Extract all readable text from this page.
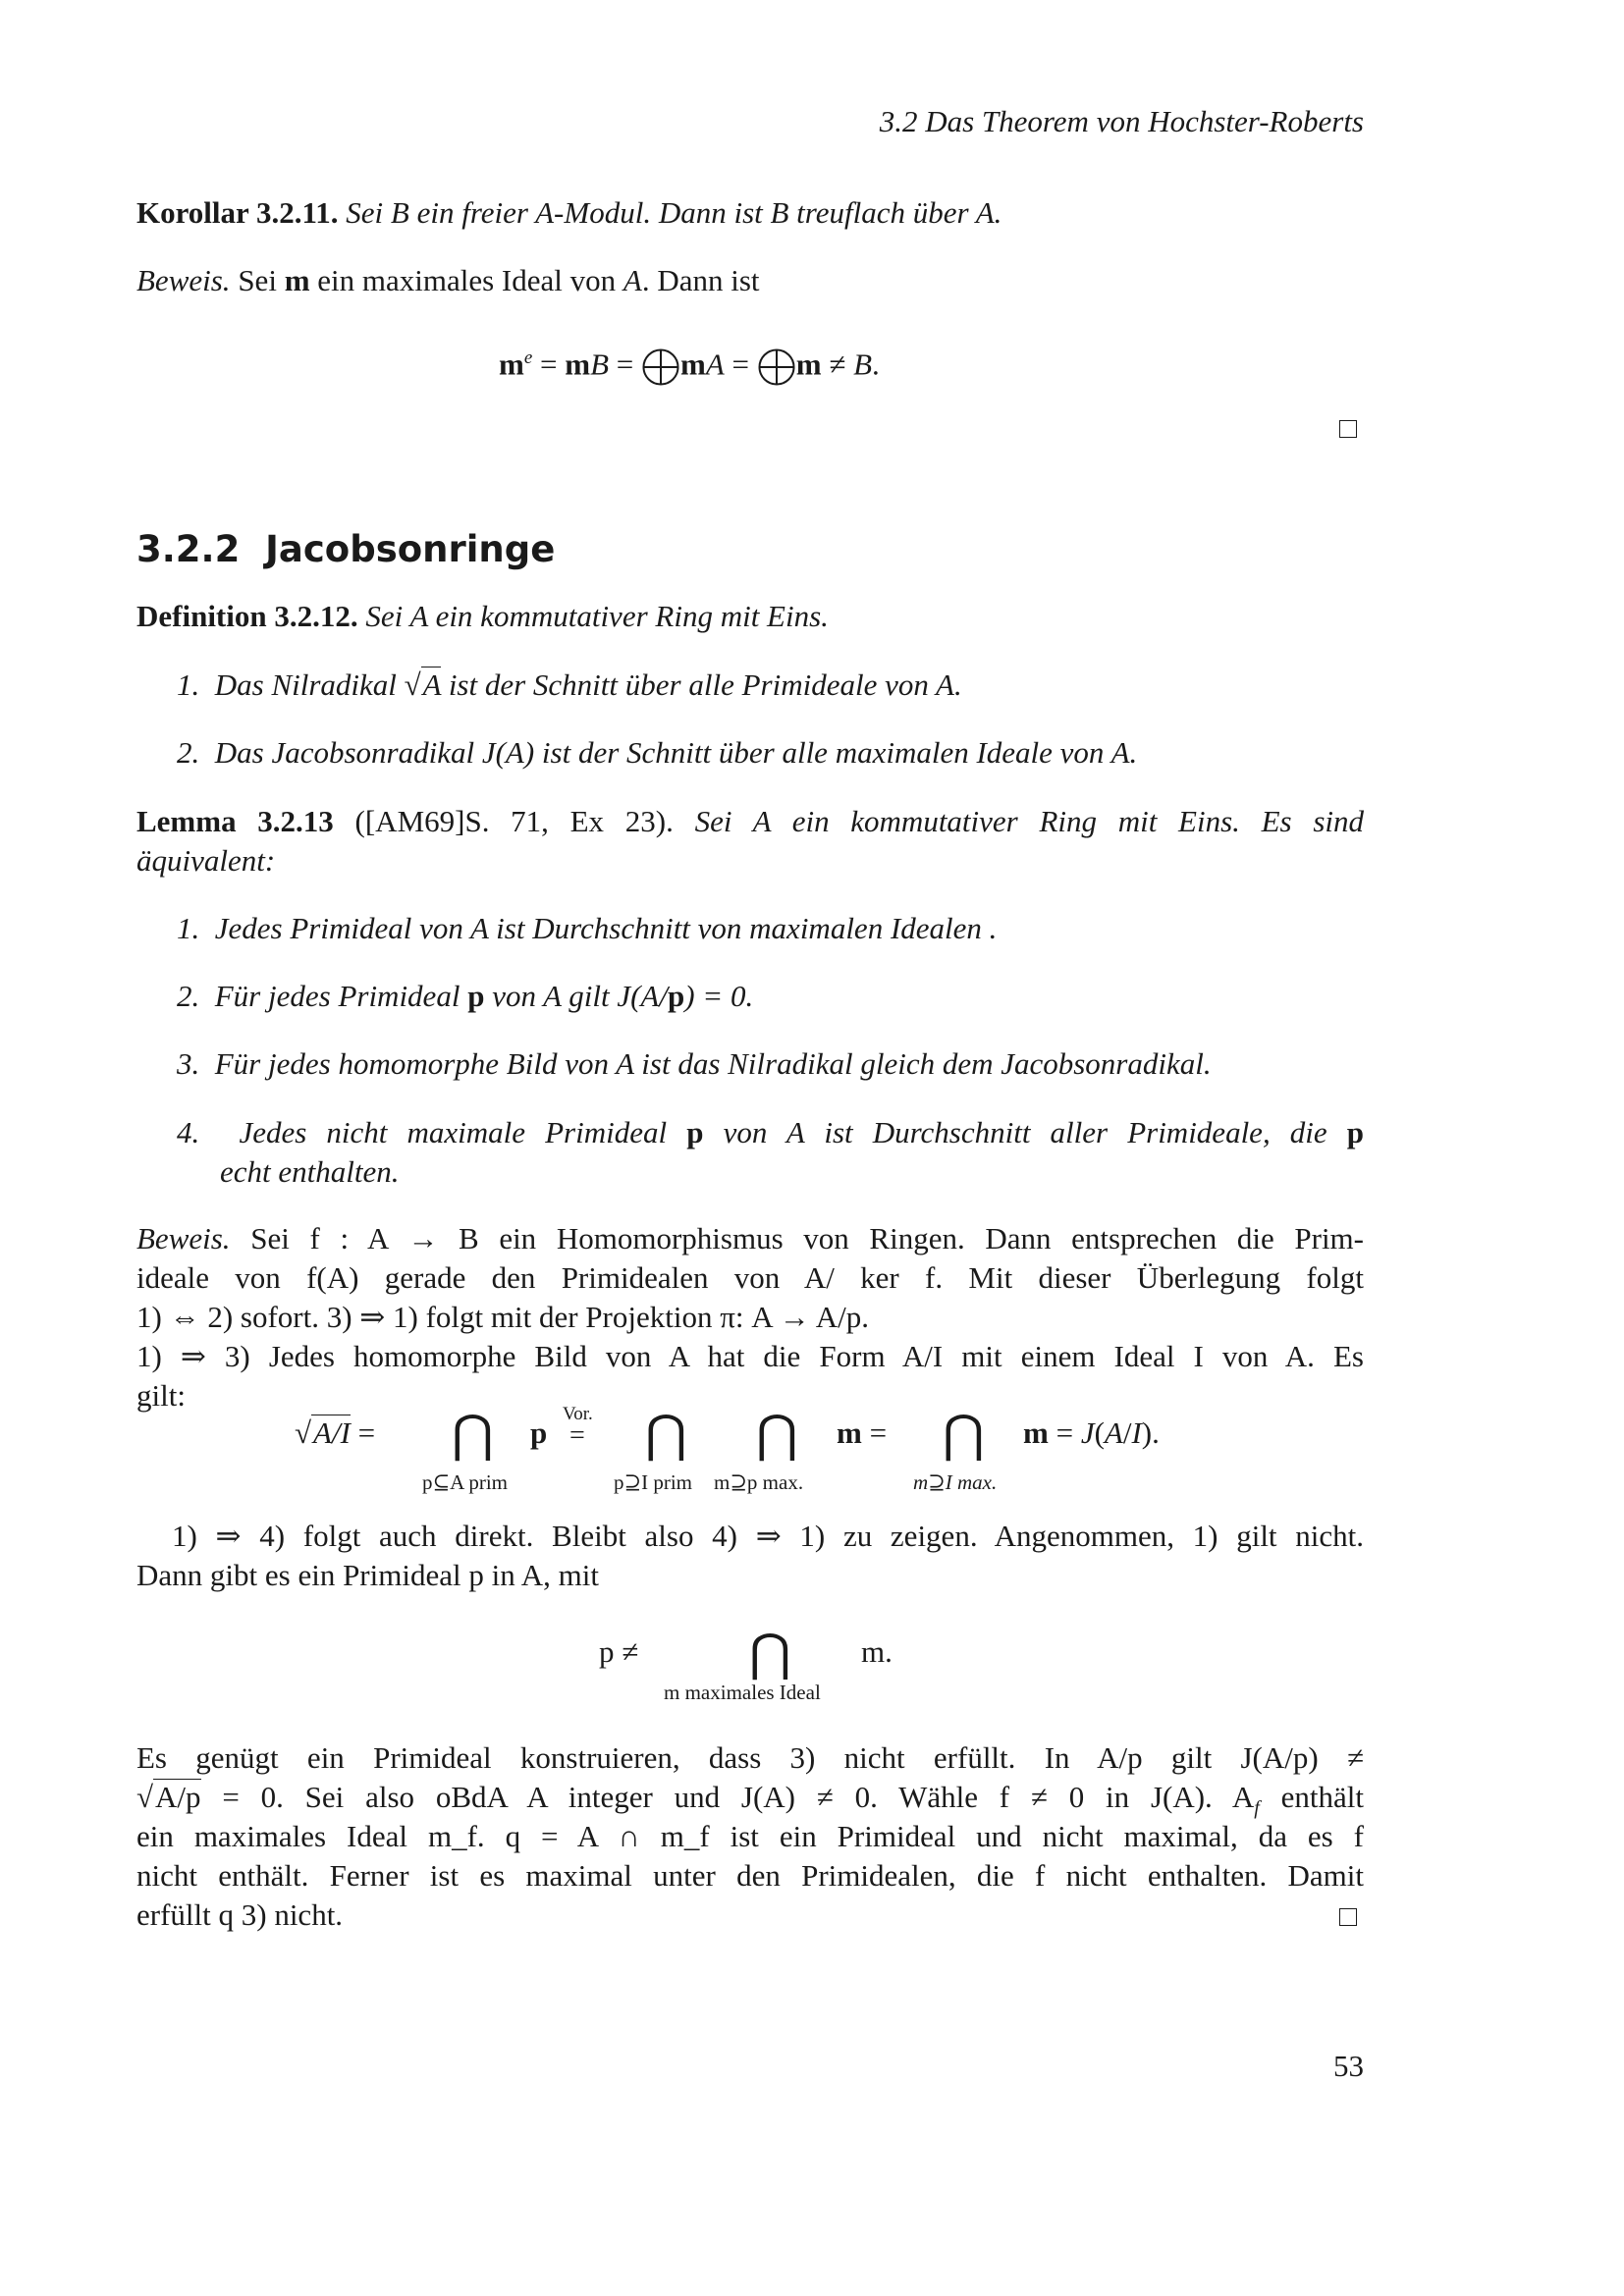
3.2 Das Theorem von Hochster-Roberts
Korollar 3.2.11. Sei B ein freier A-Modul. Dann ist B treuflach über A.
Beweis. Sei m ein maximales Ideal von A. Dann ist
$m^e$ = mB = mA = m ≠ B.
3.2.2 Jacobsonringe
Definition 3.2.12. Sei A ein kommutativer Ring mit Eins.
1. Das Nilradikal √A ist der Schnitt über alle Primideale von A.
2. Das Jacobsonradikal J(A) ist der Schnitt über alle maximalen Ideale von A.
Lemma 3.2.13 ([AM69]S. 71, Ex 23). Sei A ein kommutativer Ring mit Eins. Es sind
äquivalent:
1. Jedes Primideal von A ist Durchschnitt von maximalen Idealen .
2. Für jedes Primideal p von A gilt J(A/p) = 0.
3. Für jedes homomorphe Bild von A ist das Nilradikal gleich dem Jacobsonradikal.
4. Jedes nicht maximale Primideal p von A ist Durchschnitt aller Primideale, die p
echt enthalten.
Beweis. Sei f : A → B ein Homomorphismus von Ringen. Dann entsprechen die Prim-
ideale von f(A) gerade den Primidealen von A/ ker f. Mit dieser Überlegung folgt
1) ⇔ 2) sofort. 3) ⇒ 1) folgt mit der Projektion π: A → A/p.
1) ⇒ 3) Jedes homomorphe Bild von A hat die Form A/I mit einem Ideal I von A. Es
gilt:
√A/I = ⋂ p
Vor.
= ⋂ ⋂ m = ⋂ m = J(A/I).
p⊆A prim	p⊇I prim m⊇p max.	m⊇I max.
1) ⇒ 4) folgt auch direkt. Bleibt also 4) ⇒ 1) zu zeigen. Angenommen, 1) gilt nicht.
Dann gibt es ein Primideal p in A, mit
p ≠ ⋂ m.
m maximales Ideal
Es genügt ein Primideal konstruieren, dass 3) nicht erfüllt. In A/p gilt J(A/p) ≠
√A/p = 0. Sei also oBdA A integer und J(A) ≠ 0. Wähle f ≠ 0 in J(A). $A_f$ enthält
ein maximales Ideal m_f. q = A ∩ m_f ist ein Primideal und nicht maximal, da es f
nicht enthält. Ferner ist es maximal unter den Primidealen, die f nicht enthalten. Damit
erfüllt q 3) nicht.
53
